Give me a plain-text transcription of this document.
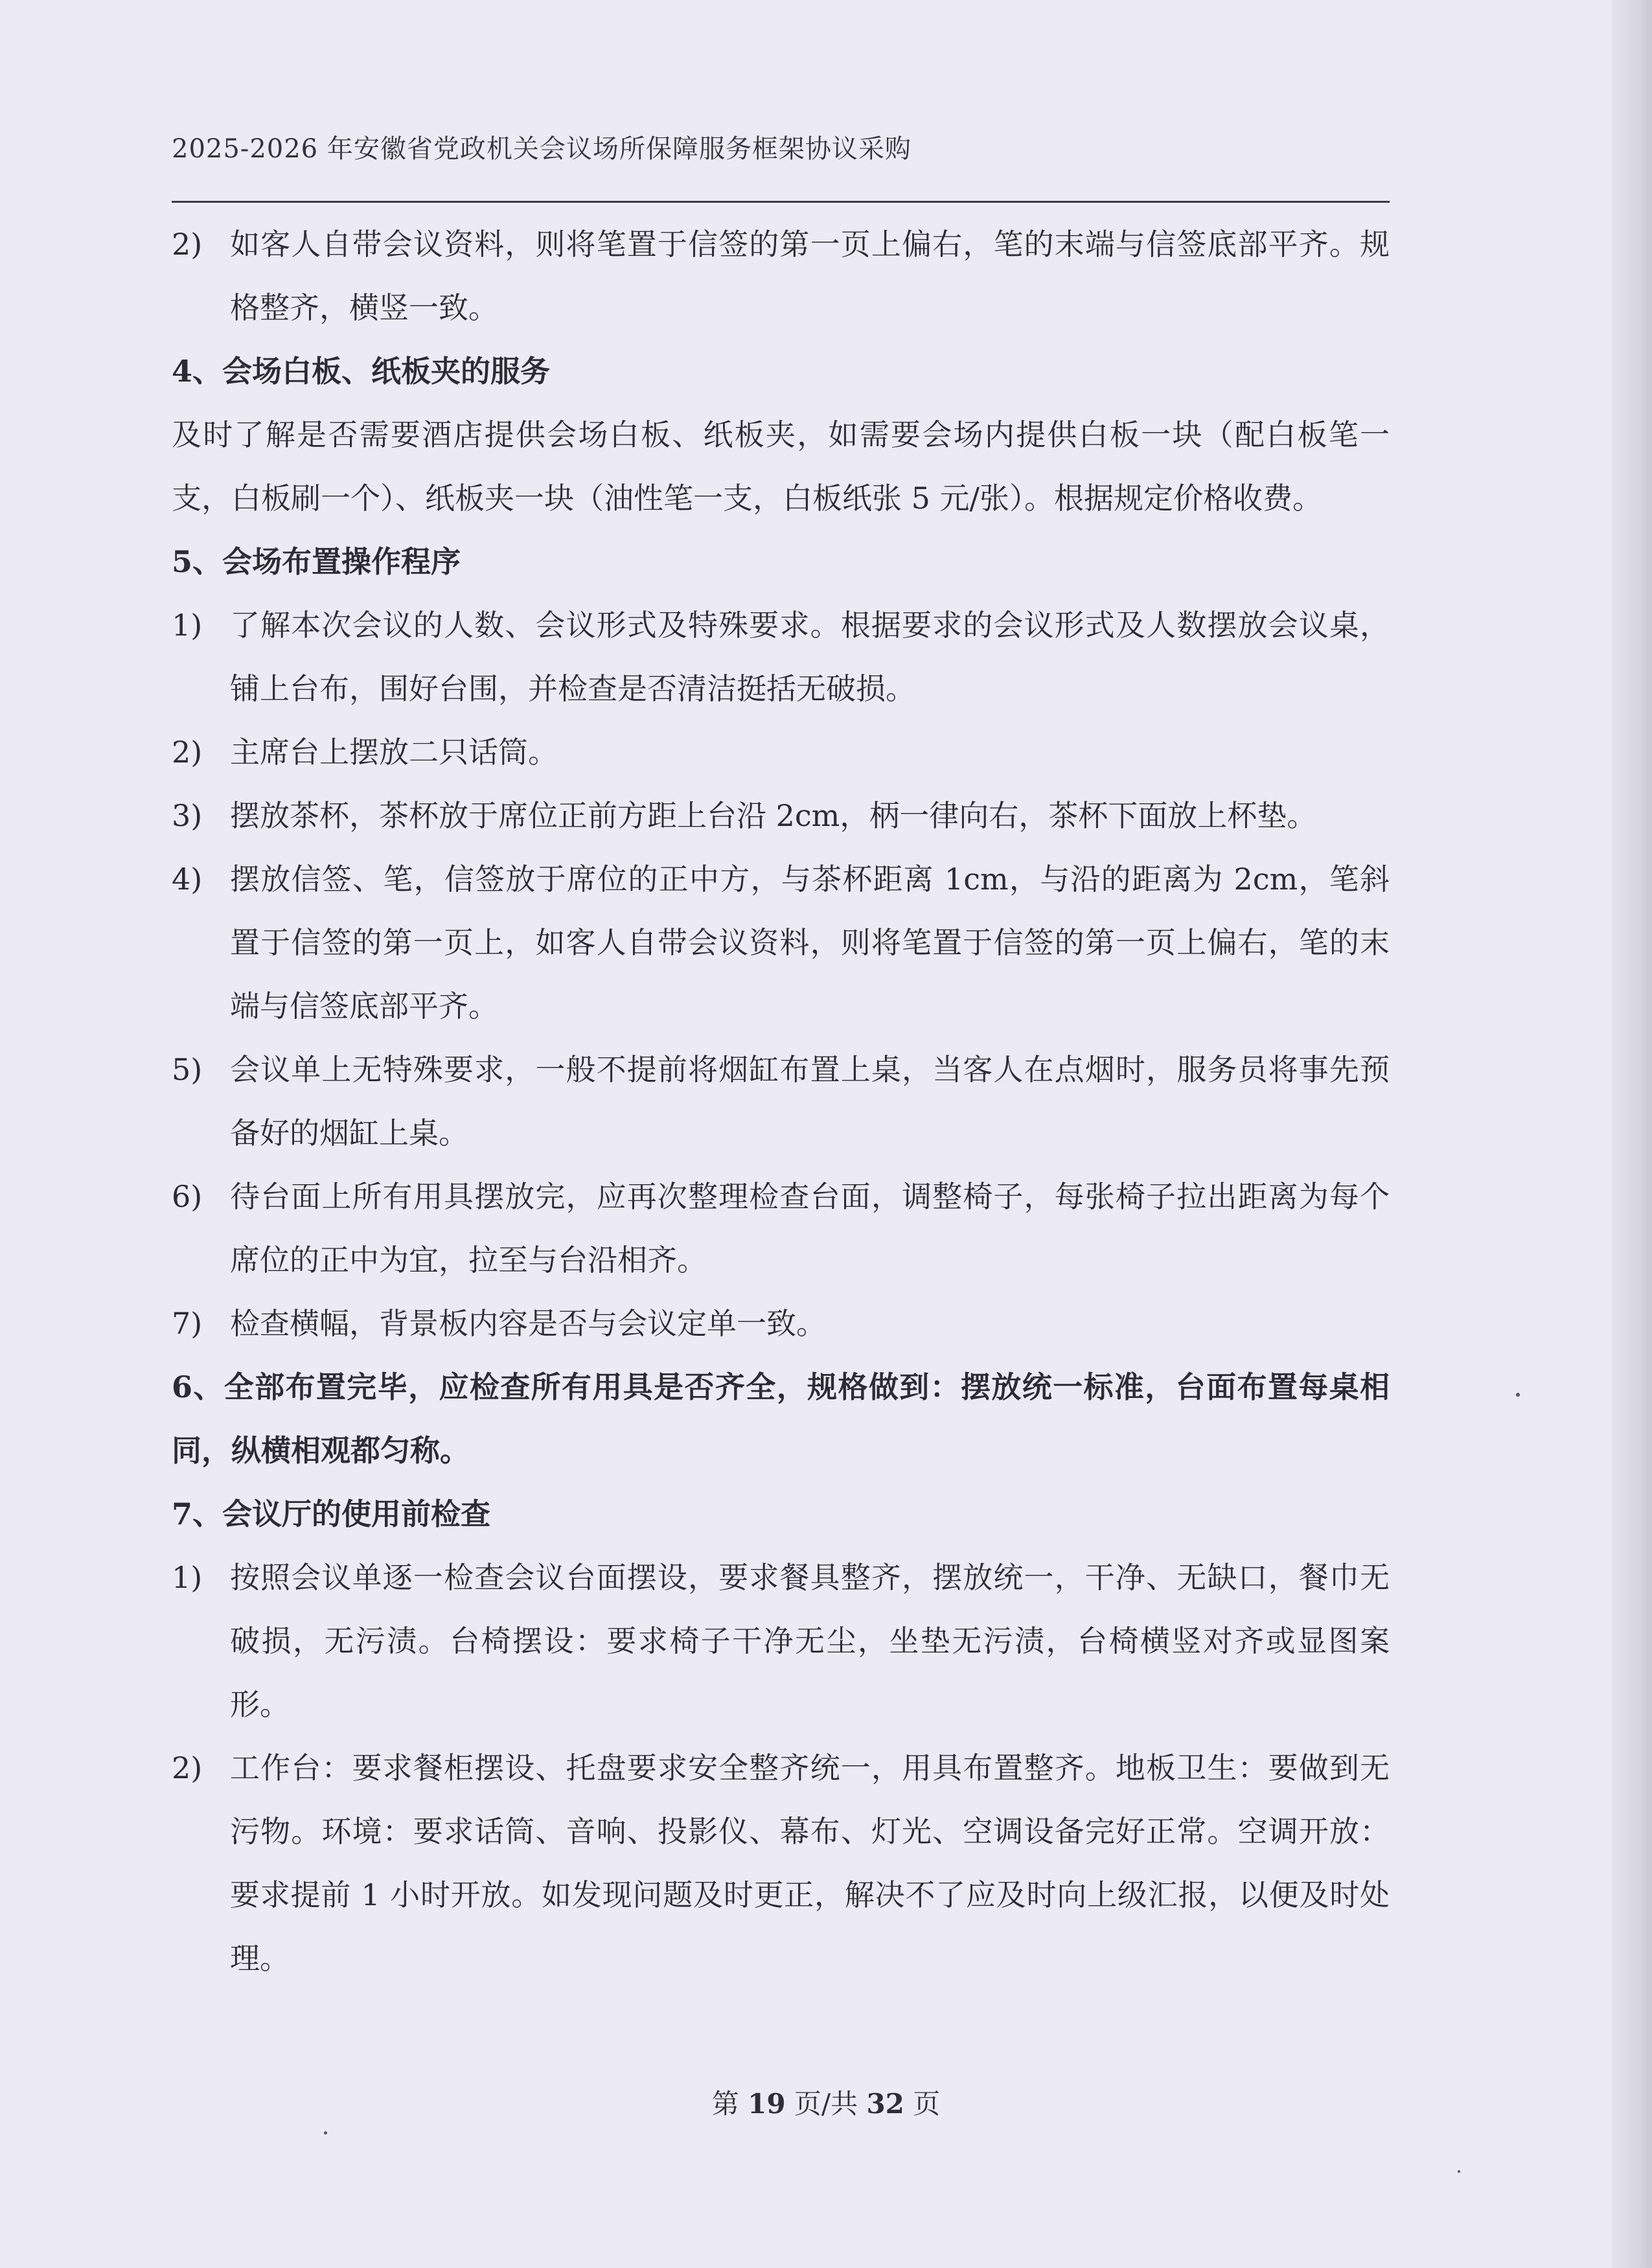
2025-2026 年安徽省党政机关会议场所保障服务框架协议采购
2) 如客人自带会议资料，则将笔置于信签的第一页上偏右，笔的末端与信签底部平齐。规格整齐，横竖一致。
4、会场白板、纸板夹的服务
及时了解是否需要酒店提供会场白板、纸板夹，如需要会场内提供白板一块（配白板笔一支，白板刷一个）、纸板夹一块（油性笔一支，白板纸张 5 元/张）。根据规定价格收费。
5、会场布置操作程序
1) 了解本次会议的人数、会议形式及特殊要求。根据要求的会议形式及人数摆放会议桌，铺上台布，围好台围，并检查是否清洁挺括无破损。
2) 主席台上摆放二只话筒。
3) 摆放茶杯，茶杯放于席位正前方距上台沿 2cm，柄一律向右，茶杯下面放上杯垫。
4) 摆放信签、笔，信签放于席位的正中方，与茶杯距离 1cm，与沿的距离为 2cm，笔斜置于信签的第一页上，如客人自带会议资料，则将笔置于信签的第一页上偏右，笔的末端与信签底部平齐。
5) 会议单上无特殊要求，一般不提前将烟缸布置上桌，当客人在点烟时，服务员将事先预备好的烟缸上桌。
6) 待台面上所有用具摆放完，应再次整理检查台面，调整椅子，每张椅子拉出距离为每个席位的正中为宜，拉至与台沿相齐。
7) 检查横幅，背景板内容是否与会议定单一致。
6、全部布置完毕，应检查所有用具是否齐全，规格做到：摆放统一标准，台面布置每桌相同，纵横相观都匀称。
7、会议厅的使用前检查
1) 按照会议单逐一检查会议台面摆设，要求餐具整齐，摆放统一，干净、无缺口，餐巾无破损，无污渍。台椅摆设：要求椅子干净无尘，坐垫无污渍，台椅横竖对齐或显图案形。
2) 工作台：要求餐柜摆设、托盘要求安全整齐统一，用具布置整齐。地板卫生：要做到无污物。环境：要求话筒、音响、投影仪、幕布、灯光、空调设备完好正常。空调开放：要求提前 1 小时开放。如发现问题及时更正，解决不了应及时向上级汇报，以便及时处理。
第 19 页/共 32 页
